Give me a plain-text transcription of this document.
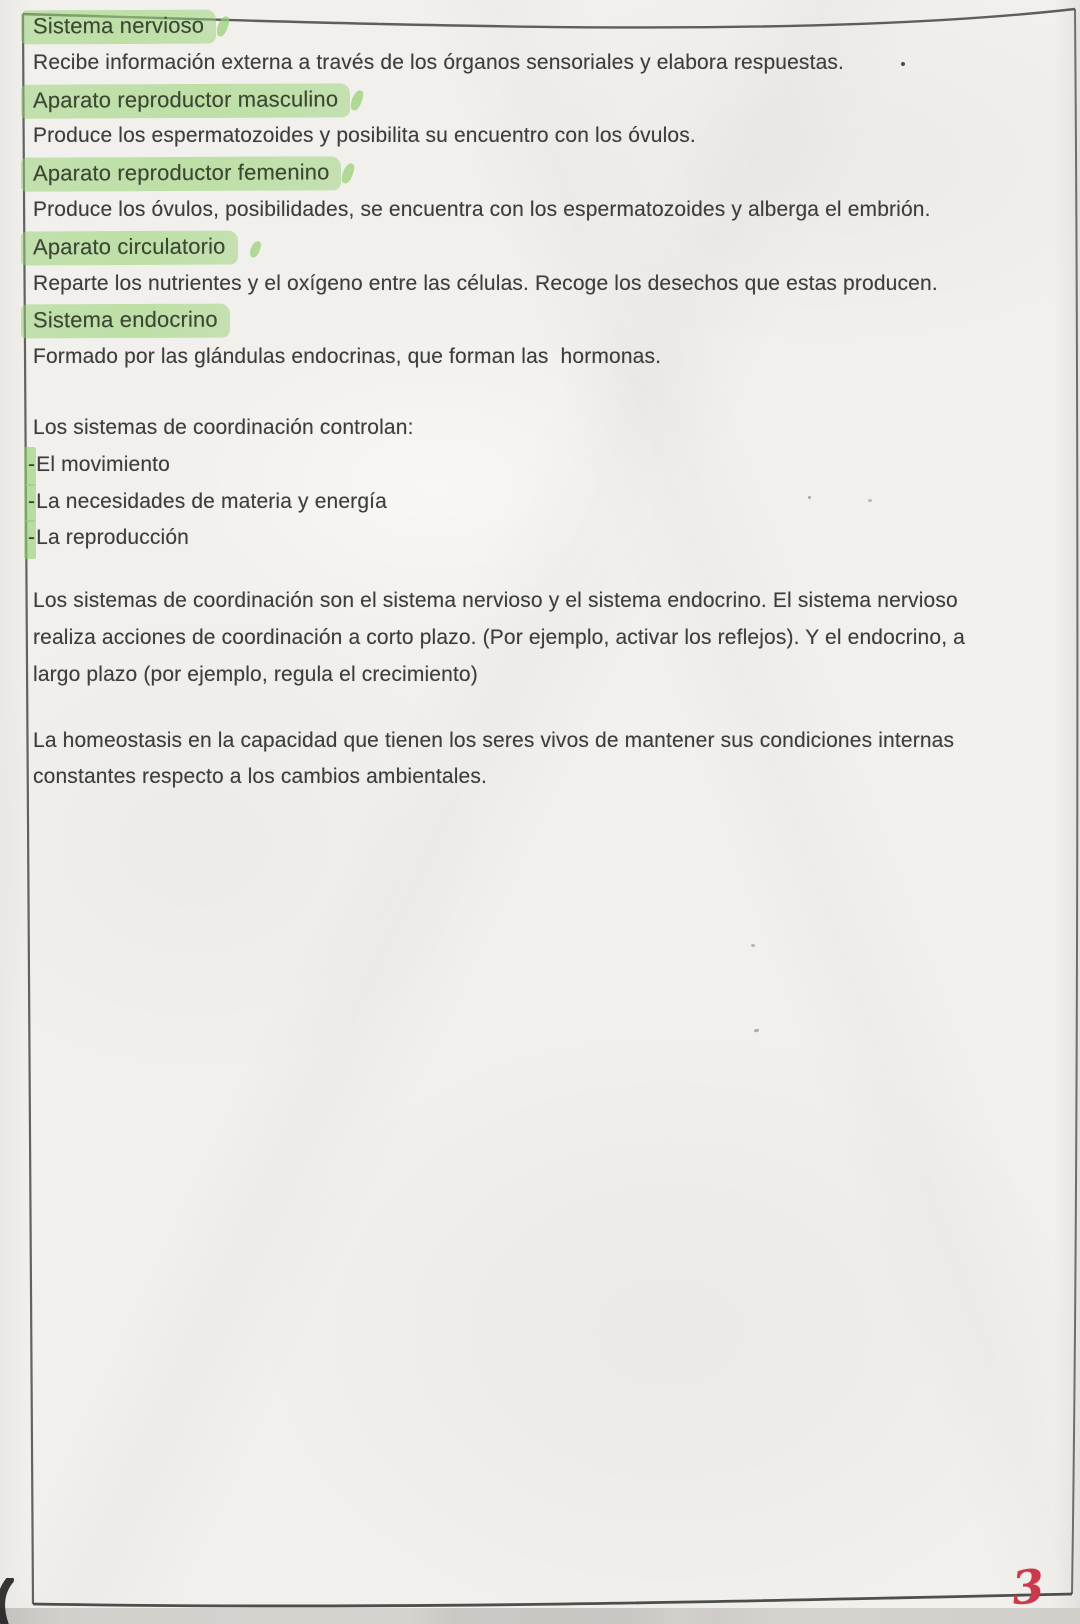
Sistema nervioso
Recibe información externa a través de los órganos sensoriales y elabora respuestas.
Aparato reproductor masculino
Produce los espermatozoides y posibilita su encuentro con los óvulos.
Aparato reproductor femenino
Produce los óvulos, posibilidades, se encuentra con los espermatozoides y alberga el embrión.
Aparato circulatorio
Reparte los nutrientes y el oxígeno entre las células. Recoge los desechos que estas producen.
Sistema endocrino
Formado por las glándulas endocrinas, que forman las  hormonas.
Los sistemas de coordinación controlan:
-El movimiento
-La necesidades de materia y energía
-La reproducción
Los sistemas de coordinación son el sistema nervioso y el sistema endocrino. El sistema nervioso
realiza acciones de coordinación a corto plazo. (Por ejemplo, activar los reflejos). Y el endocrino, a
largo plazo (por ejemplo, regula el crecimiento)
La homeostasis en la capacidad que tienen los seres vivos de mantener sus condiciones internas
constantes respecto a los cambios ambientales.
3
